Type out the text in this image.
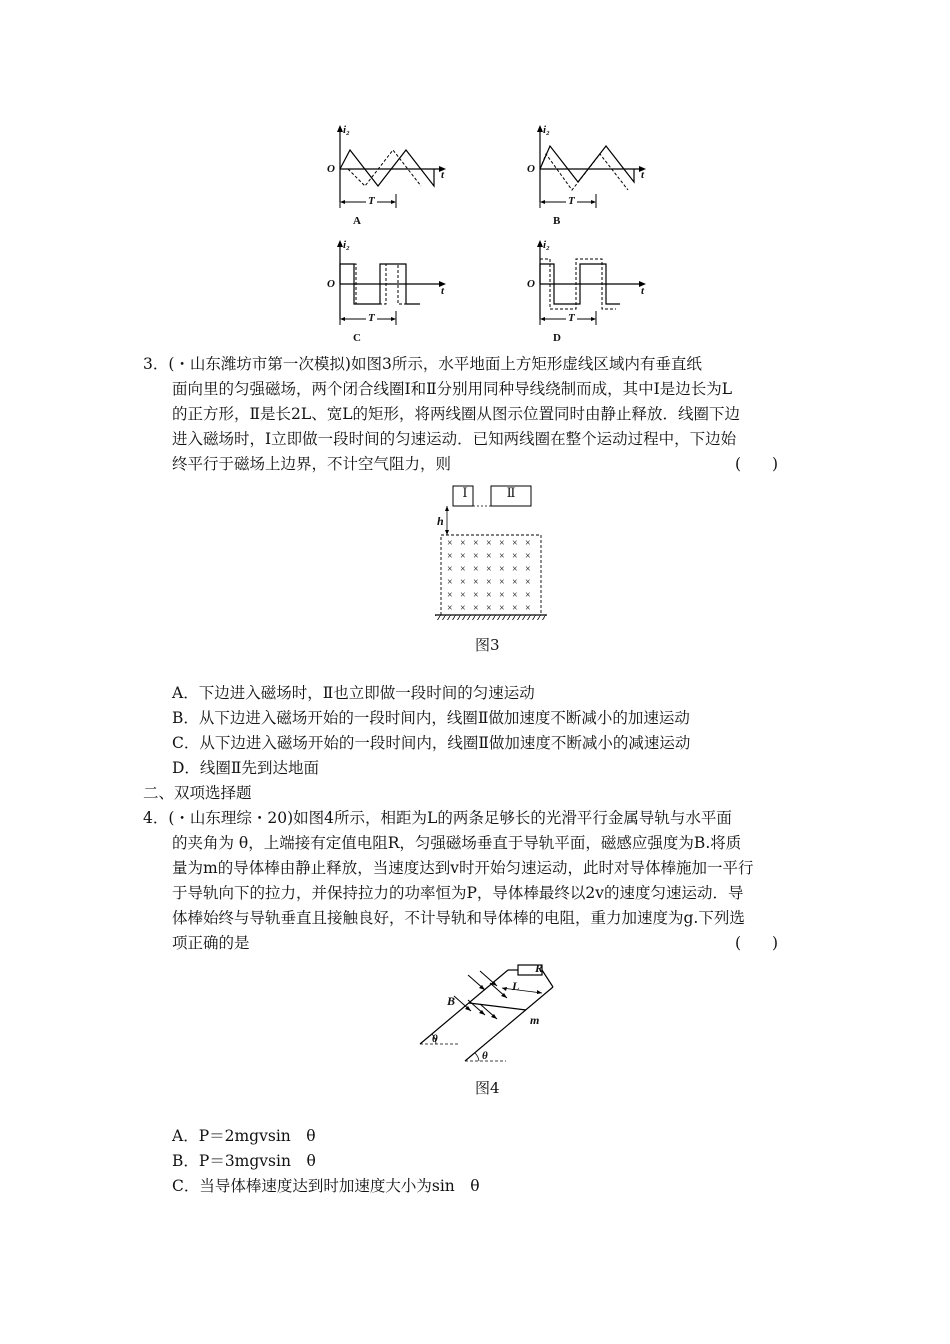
i₂
O	t
T
A
i₂
O	t
T
B
i₂
O
t
T
C
i₂
O
t
T
D
3．(・山东潍坊市第一次模拟)如图3所示，水平地面上方矩形虚线区域内有垂直纸
面向里的匀强磁场，两个闭合线圈Ⅰ和Ⅱ分别用同种导线绕制而成，其中Ⅰ是边长为L
的正方形，Ⅱ是长2L、宽L的矩形，将两线圈从图示位置同时由静止释放．线圈下边
进入磁场时，Ⅰ立即做一段时间的匀速运动．已知两线圈在整个运动过程中，下边始
终平行于磁场上边界，不计空气阻力，则	(　　)
× × × × × × ×
× × × × × × ×
× × × × × × ×
× × × × × × ×
× × × × × × ×
× × × × × × ×
Ⅰ	Ⅱ
h
图3
A．下边进入磁场时，Ⅱ也立即做一段时间的匀速运动
B．从下边进入磁场开始的一段时间内，线圈Ⅱ做加速度不断减小的加速运动
C．从下边进入磁场开始的一段时间内，线圈Ⅱ做加速度不断减小的减速运动
D．线圈Ⅱ先到达地面
二、双项选择题
4．(・山东理综・20)如图4所示，相距为L的两条足够长的光滑平行金属导轨与水平面
的夹角为 θ，上端接有定值电阻R，匀强磁场垂直于导轨平面，磁感应强度为B.将质
量为m的导体棒由静止释放，当速度达到v时开始匀速运动，此时对导体棒施加一平行
于导轨向下的拉力，并保持拉力的功率恒为P，导体棒最终以2v的速度匀速运动．导
体棒始终与导轨垂直且接触良好，不计导轨和导体棒的电阻，重力加速度为g.下列选
项正确的是	(　　)
R
L
B
m
θ
θ
图4
A．P＝2mgvsin　θ
B．P＝3mgvsin　θ
C．当导体棒速度达到时加速度大小为sin　θ
